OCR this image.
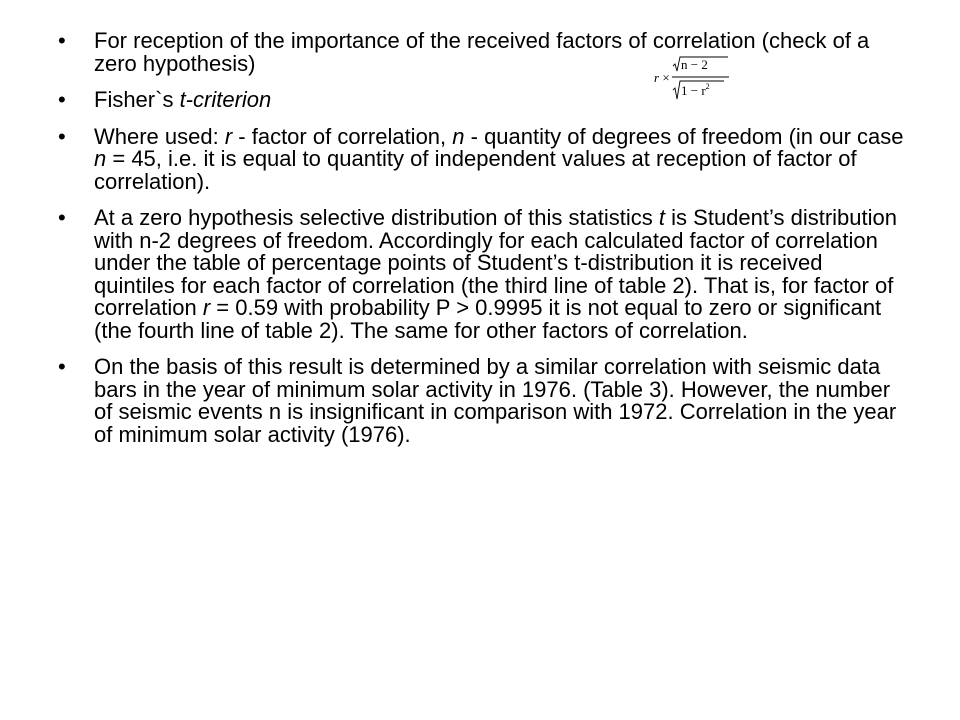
• For reception of the importance of the received factors of correlation (check of a zero hypothesis)
• Fisher`s t-criterion
• Where used: r - factor of correlation, n - quantity of degrees of freedom (in our case n = 45, i.e. it is equal to quantity of independent values at reception of factor of correlation).
• At a zero hypothesis selective distribution of this statistics t is Student’s distribution with n-2 degrees of freedom. Accordingly for each calculated factor of correlation under the table of percentage points of Student’s t-distribution it is received quintiles for each factor of correlation (the third line of table 2). That is, for factor of correlation r = 0.59 with probability P > 0.9995 it is not equal to zero or significant (the fourth line of table 2). The same for other factors of correlation.
• On the basis of this result is determined by a similar correlation with seismic data bars in the year of minimum solar activity in 1976. (Table 3). However, the number of seismic events n is insignificant in comparison with 1972. Correlation in the year of minimum solar activity (1976).
r ×
n − 2
$1 - r^2$
